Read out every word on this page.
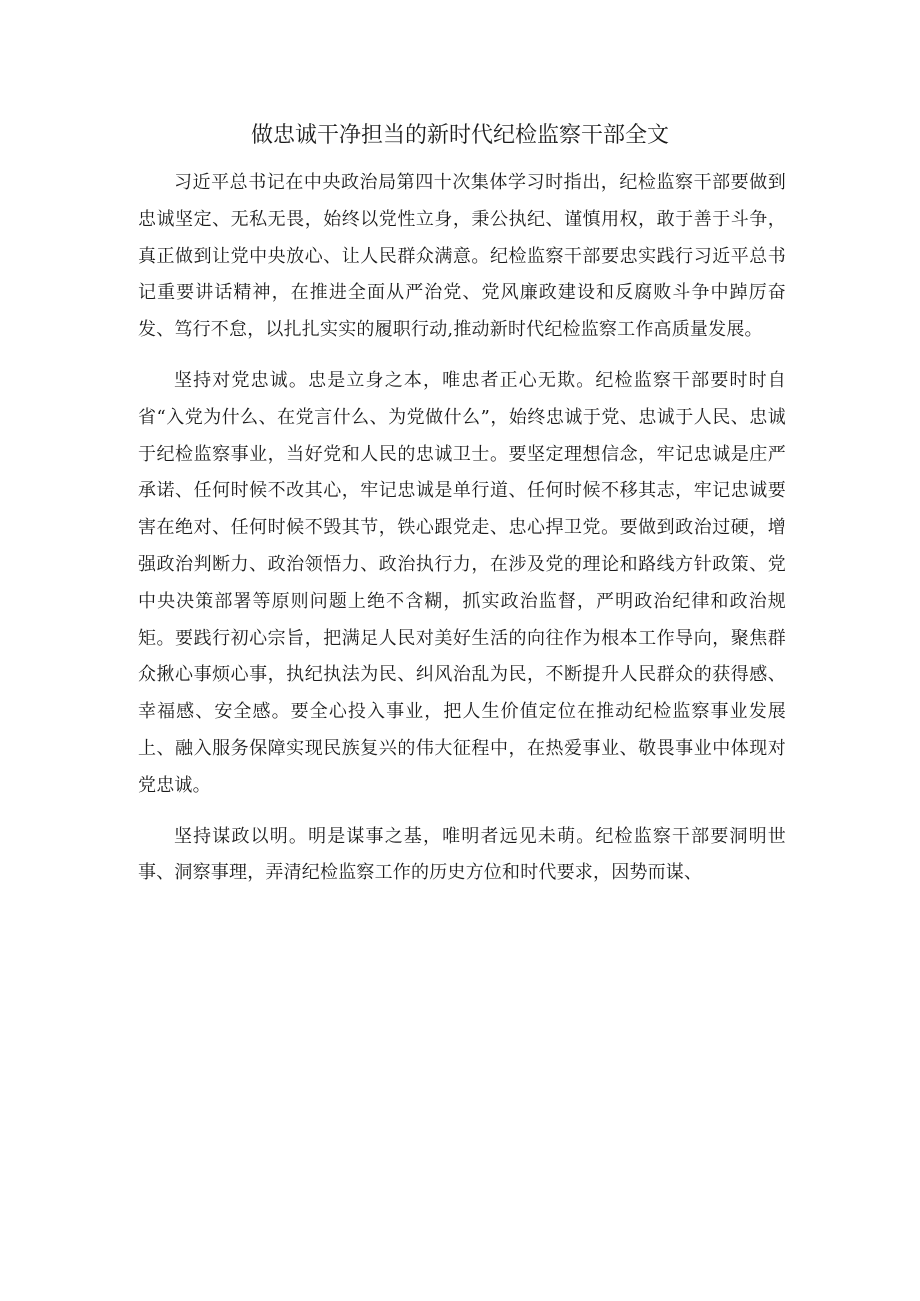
做忠诚干净担当的新时代纪检监察干部全文

习近平总书记在中央政治局第四十次集体学习时指出，纪检监察干部要做到忠诚坚定、无私无畏，始终以党性立身，秉公执纪、谨慎用权，敢于善于斗争，真正做到让党中央放心、让人民群众满意。纪检监察干部要忠实践行习近平总书记重要讲话精神，在推进全面从严治党、党风廉政建设和反腐败斗争中踔厉奋发、笃行不怠，以扎扎实实的履职行动,推动新时代纪检监察工作高质量发展。

坚持对党忠诚。忠是立身之本，唯忠者正心无欺。纪检监察干部要时时自省“入党为什么、在党言什么、为党做什么”，始终忠诚于党、忠诚于人民、忠诚于纪检监察事业，当好党和人民的忠诚卫士。要坚定理想信念，牢记忠诚是庄严承诺、任何时候不改其心，牢记忠诚是单行道、任何时候不移其志，牢记忠诚要害在绝对、任何时候不毁其节，铁心跟党走、忠心捍卫党。要做到政治过硬，增强政治判断力、政治领悟力、政治执行力，在涉及党的理论和路线方针政策、党中央决策部署等原则问题上绝不含糊，抓实政治监督，严明政治纪律和政治规矩。要践行初心宗旨，把满足人民对美好生活的向往作为根本工作导向，聚焦群众揪心事烦心事，执纪执法为民、纠风治乱为民，不断提升人民群众的获得感、幸福感、安全感。要全心投入事业，把人生价值定位在推动纪检监察事业发展上、融入服务保障实现民族复兴的伟大征程中，在热爱事业、敬畏事业中体现对党忠诚。

坚持谋政以明。明是谋事之基，唯明者远见未萌。纪检监察干部要洞明世事、洞察事理，弄清纪检监察工作的历史方位和时代要求，因势而谋、
